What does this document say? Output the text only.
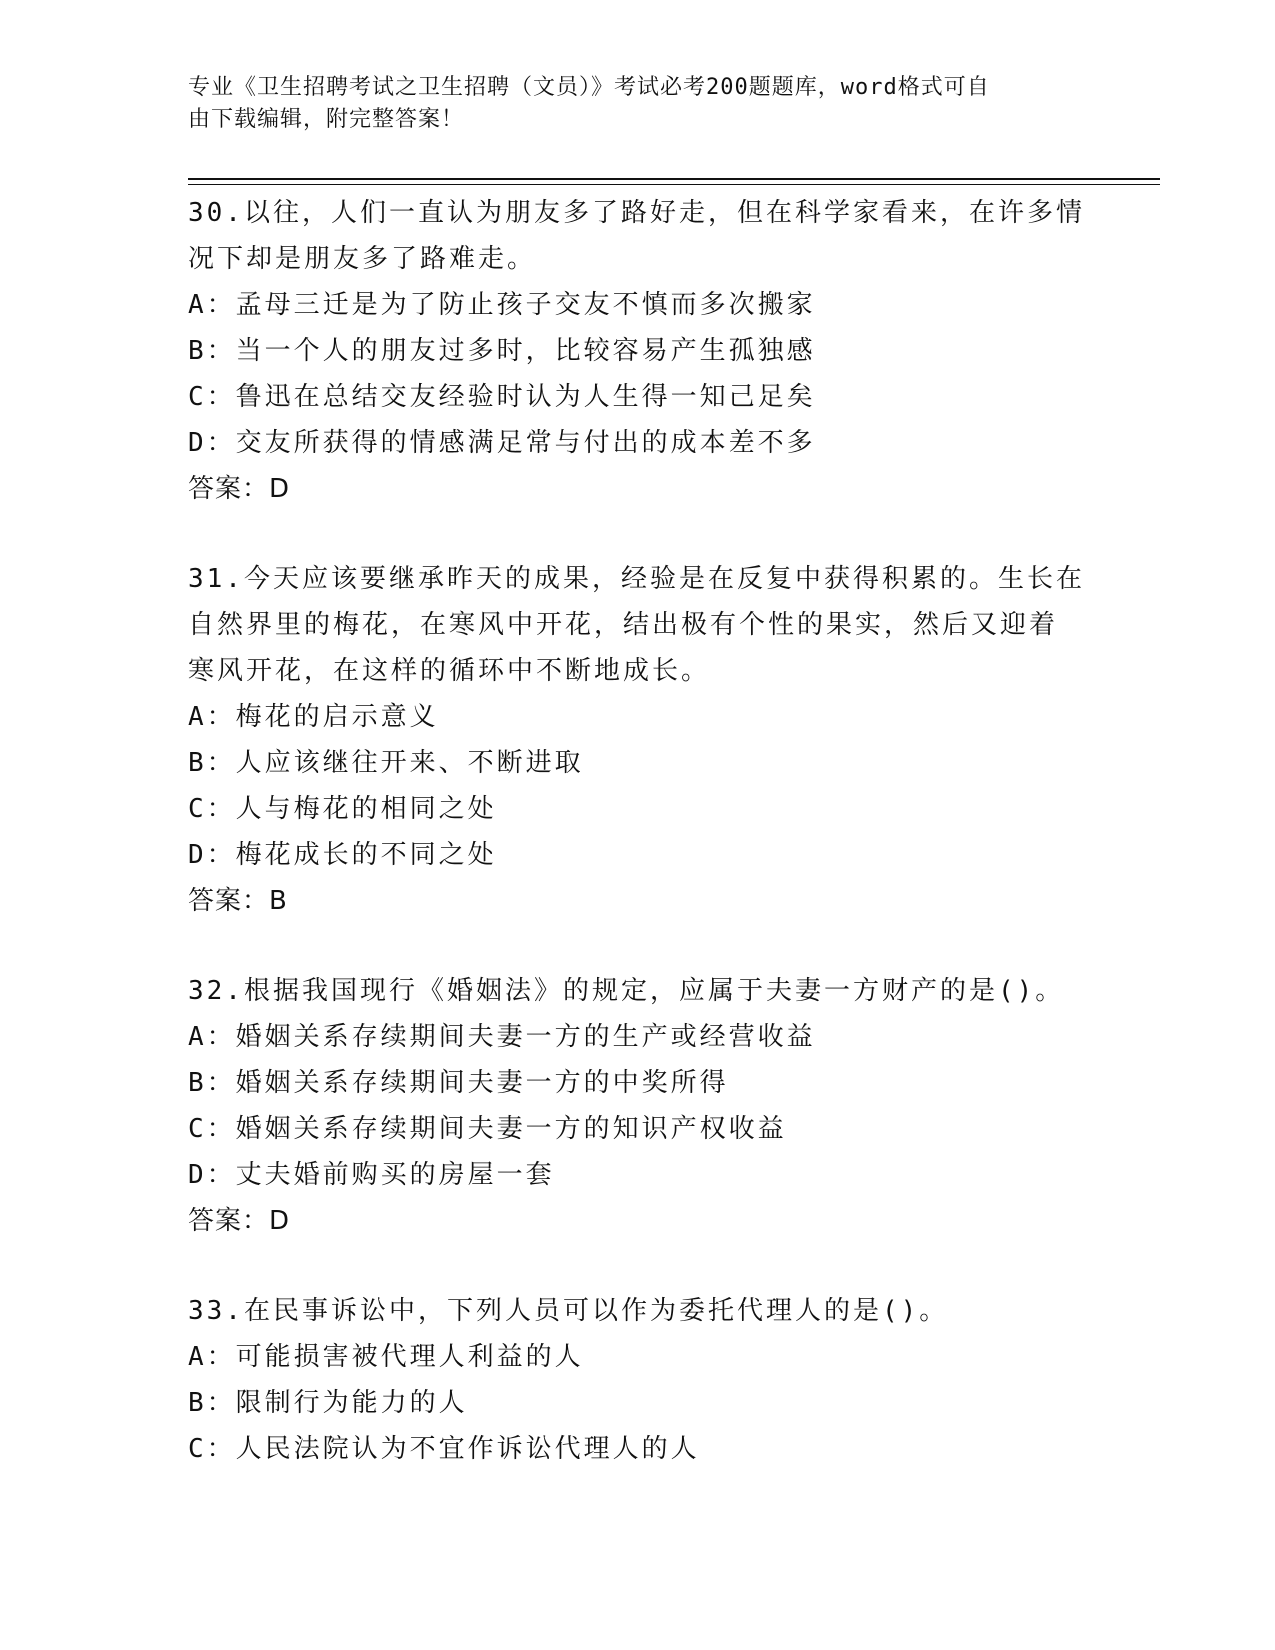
专业《卫生招聘考试之卫生招聘（文员）》考试必考200题题库，word格式可自
由下载编辑，附完整答案！
30.以往，人们一直认为朋友多了路好走，但在科学家看来，在许多情
况下却是朋友多了路难走。
A：孟母三迁是为了防止孩子交友不慎而多次搬家
B：当一个人的朋友过多时，比较容易产生孤独感
C：鲁迅在总结交友经验时认为人生得一知己足矣
D：交友所获得的情感满足常与付出的成本差不多
答案：D
31.今天应该要继承昨天的成果，经验是在反复中获得积累的。生长在
自然界里的梅花，在寒风中开花，结出极有个性的果实，然后又迎着
寒风开花，在这样的循环中不断地成长。
A：梅花的启示意义
B：人应该继往开来、不断进取
C：人与梅花的相同之处
D：梅花成长的不同之处
答案：B
32.根据我国现行《婚姻法》的规定，应属于夫妻一方财产的是()。
A：婚姻关系存续期间夫妻一方的生产或经营收益
B：婚姻关系存续期间夫妻一方的中奖所得
C：婚姻关系存续期间夫妻一方的知识产权收益
D：丈夫婚前购买的房屋一套
答案：D
33.在民事诉讼中，下列人员可以作为委托代理人的是()。
A：可能损害被代理人利益的人
B：限制行为能力的人
C：人民法院认为不宜作诉讼代理人的人
